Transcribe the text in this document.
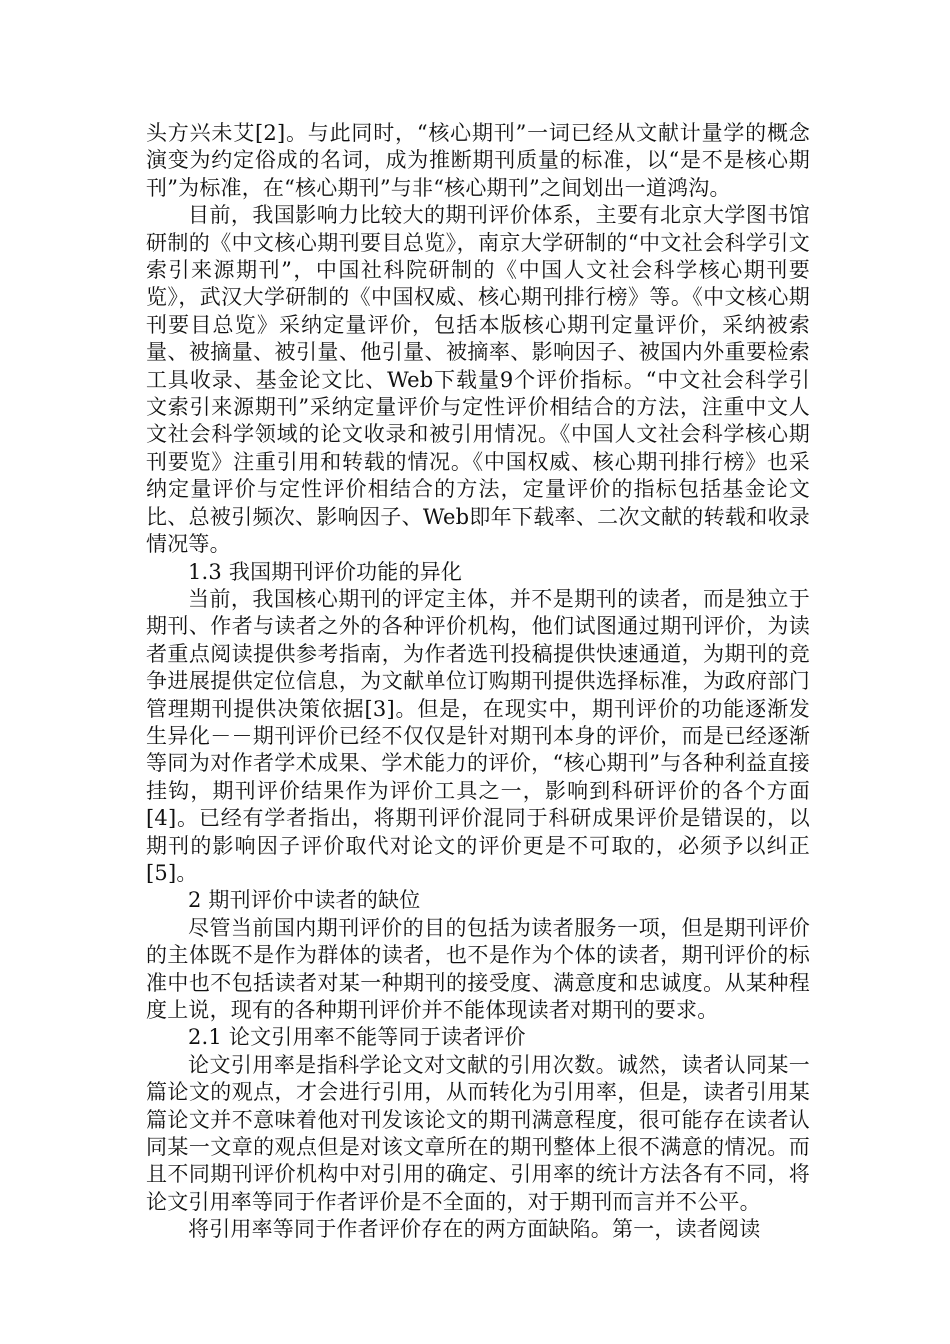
头方兴未艾[2]。与此同时，“核心期刊”一词已经从文献计量学的概念演变为约定俗成的名词，成为推断期刊质量的标准，以“是不是核心期刊”为标准，在“核心期刊”与非“核心期刊”之间划出一道鸿沟。

目前，我国影响力比较大的期刊评价体系，主要有北京大学图书馆研制的《中文核心期刊要目总览》，南京大学研制的“中文社会科学引文索引来源期刊”，中国社科院研制的《中国人文社会科学核心期刊要览》，武汉大学研制的《中国权威、核心期刊排行榜》等。《中文核心期刊要目总览》采纳定量评价，包括本版核心期刊定量评价，采纳被索量、被摘量、被引量、他引量、被摘率、影响因子、被国内外重要检索工具收录、基金论文比、Web下载量9个评价指标。“中文社会科学引文索引来源期刊”采纳定量评价与定性评价相结合的方法，注重中文人文社会科学领域的论文收录和被引用情况。《中国人文社会科学核心期刊要览》注重引用和转载的情况。《中国权威、核心期刊排行榜》也采纳定量评价与定性评价相结合的方法，定量评价的指标包括基金论文比、总被引频次、影响因子、Web即年下载率、二次文献的转载和收录情况等。

1.3 我国期刊评价功能的异化

当前，我国核心期刊的评定主体，并不是期刊的读者，而是独立于期刊、作者与读者之外的各种评价机构，他们试图通过期刊评价，为读者重点阅读提供参考指南，为作者选刊投稿提供快速通道，为期刊的竞争进展提供定位信息，为文献单位订购期刊提供选择标准，为政府部门管理期刊提供决策依据[3]。但是，在现实中，期刊评价的功能逐渐发生异化－－期刊评价已经不仅仅是针对期刊本身的评价，而是已经逐渐等同为对作者学术成果、学术能力的评价，“核心期刊”与各种利益直接挂钩，期刊评价结果作为评价工具之一，影响到科研评价的各个方面[4]。已经有学者指出，将期刊评价混同于科研成果评价是错误的，以期刊的影响因子评价取代对论文的评价更是不可取的，必须予以纠正[5]。

2 期刊评价中读者的缺位

尽管当前国内期刊评价的目的包括为读者服务一项，但是期刊评价的主体既不是作为群体的读者，也不是作为个体的读者，期刊评价的标准中也不包括读者对某一种期刊的接受度、满意度和忠诚度。从某种程度上说，现有的各种期刊评价并不能体现读者对期刊的要求。

2.1 论文引用率不能等同于读者评价

论文引用率是指科学论文对文献的引用次数。诚然，读者认同某一篇论文的观点，才会进行引用，从而转化为引用率，但是，读者引用某篇论文并不意味着他对刊发该论文的期刊满意程度，很可能存在读者认同某一文章的观点但是对该文章所在的期刊整体上很不满意的情况。而且不同期刊评价机构中对引用的确定、引用率的统计方法各有不同，将论文引用率等同于作者评价是不全面的，对于期刊而言并不公平。

将引用率等同于作者评价存在的两方面缺陷。第一，读者阅读
